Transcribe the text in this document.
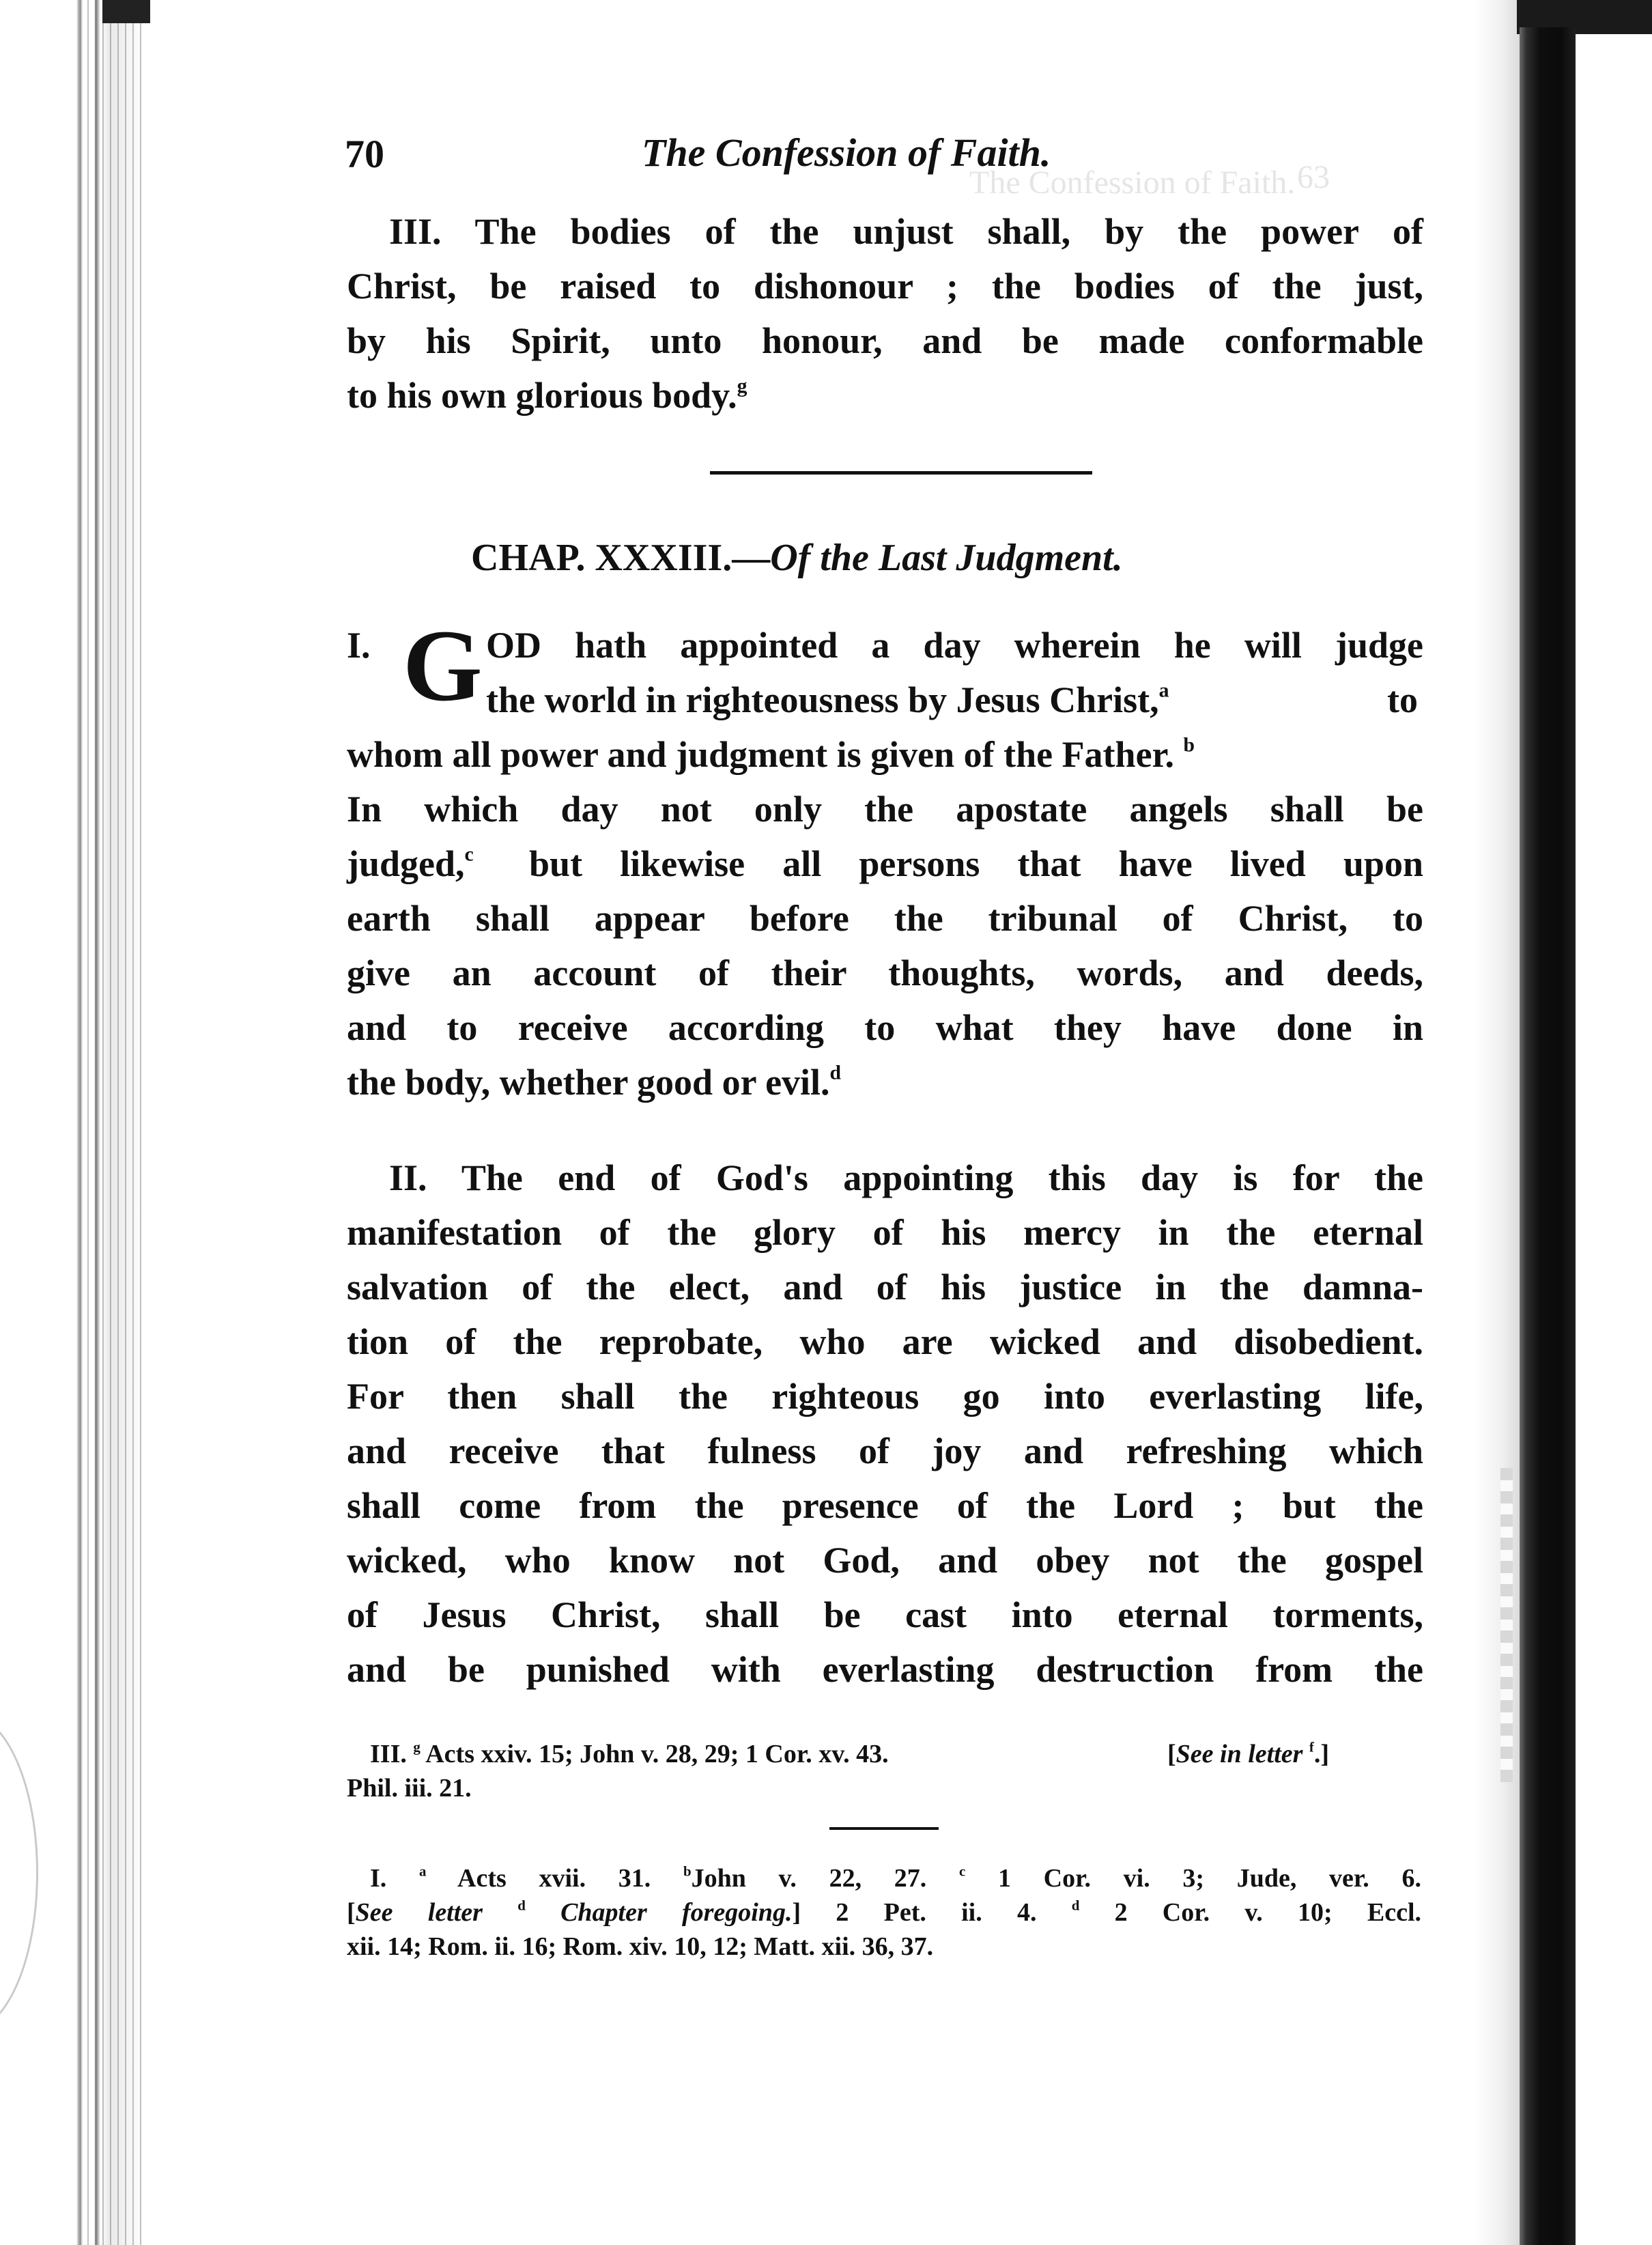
63
The Confession of Faith.
70	The Confession of Faith.
III. The bodies of the unjust shall, by the power of
Christ, be raised to dishonour ; the bodies of the just,
by his Spirit, unto honour, and be made conformable
to his own glorious body.$^g$
CHAP. XXXIII.—Of the Last Judgment.
I. G OD hath appointed a day wherein he will judge
the world in righteousness by Jesus Christ,$^a$	to
whom all power and judgment is given of the Father. $^b$
In which day not only the apostate angels shall be
judged,$^c$ but likewise all persons that have lived upon
earth shall appear before the tribunal of Christ, to
give an account of their thoughts, words, and deeds,
and to receive according to what they have done in
the body, whether good or evil.$^d$
II. The end of God's appointing this day is for the
manifestation of the glory of his mercy in the eternal
salvation of the elect, and of his justice in the damna-
tion of the reprobate, who are wicked and disobedient.
For then shall the righteous go into everlasting life,
and receive that fulness of joy and refreshing which
shall come from the presence of the Lord ; but the
wicked, who know not God, and obey not the gospel
of Jesus Christ, shall be cast into eternal torments,
and be punished with everlasting destruction from the
III. $^g$ Acts xxiv. 15; John v. 28, 29; 1 Cor. xv. 43.	[See in letter $^f$.]
Phil. iii. 21.
I. $^a$ Acts xvii. 31. $^b$John v. 22, 27. $^c$ 1 Cor. vi. 3; Jude, ver. 6.
[See letter $^d$ Chapter foregoing.] 2 Pet. ii. 4. $^d$ 2 Cor. v. 10; Eccl.
xii. 14; Rom. ii. 16; Rom. xiv. 10, 12; Matt. xii. 36, 37.
